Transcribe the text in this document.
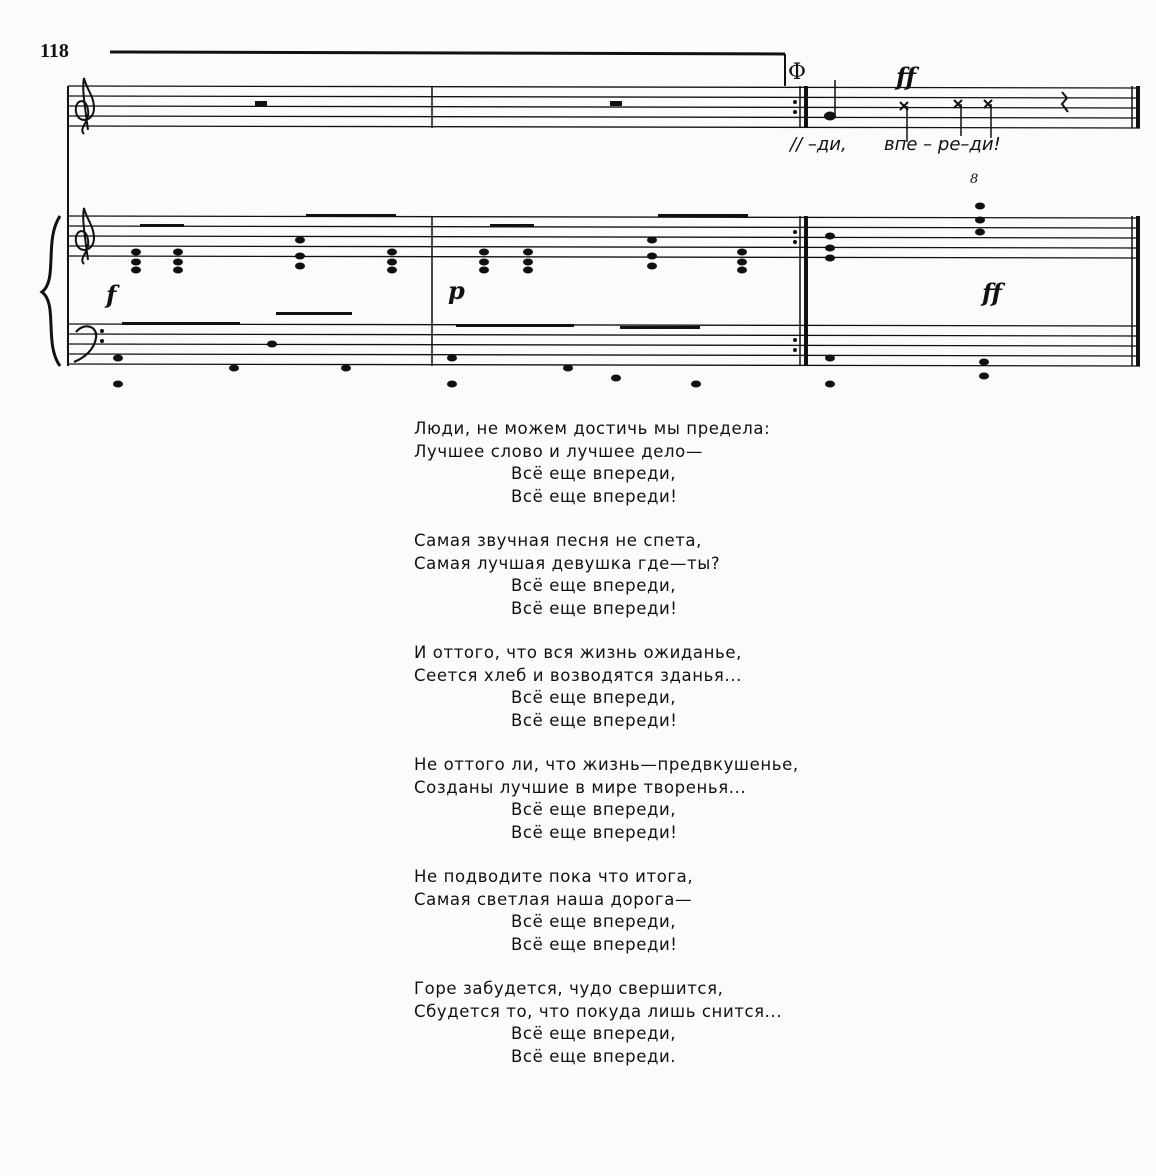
118
Φ	ff
// –ди, впе – ре–ди!
8
f	p	ff
Люди, не можем достичь мы предела:
Лучшее слово и лучшее дело—
Всё еще впереди,
Всё еще впереди!
Самая звучная песня не спета,
Самая лучшая девушка где—ты?
Всё еще впереди,
Всё еще впереди!
И оттого, что вся жизнь ожиданье,
Сеется хлеб и возводятся зданья...
Всё еще впереди,
Всё еще впереди!
Не оттого ли, что жизнь—предвкушенье,
Созданы лучшие в мире творенья...
Всё еще впереди,
Всё еще впереди!
Не подводите пока что итога,
Самая светлая наша дорога—
Всё еще впереди,
Всё еще впереди!
Горе забудется, чудо свершится,
Сбудется то, что покуда лишь снится...
Всё еще впереди,
Всё еще впереди.
